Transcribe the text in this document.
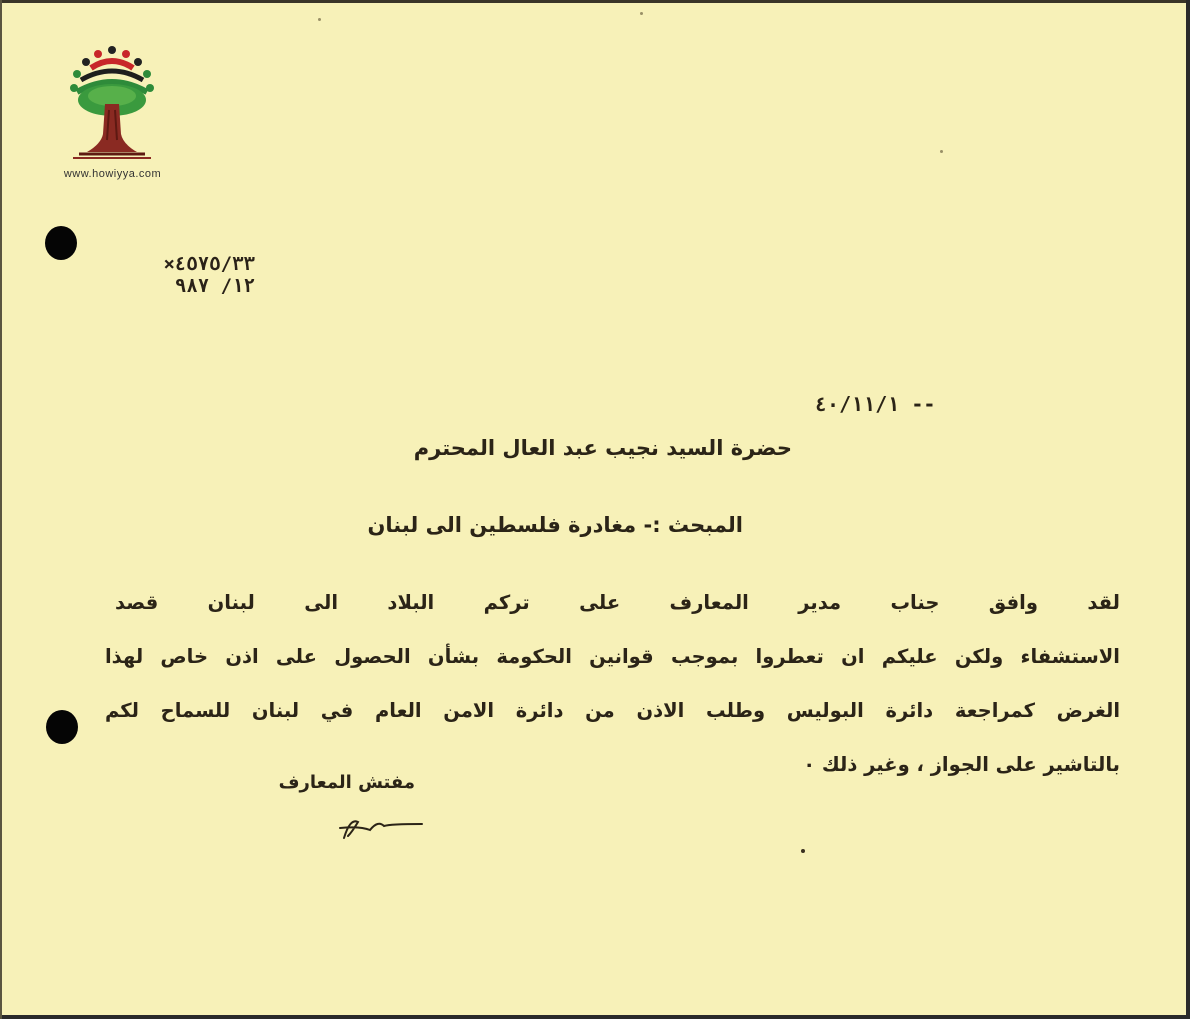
www.howiyya.com
×٤٥٧٥/٣٣
١٢/ ٩٨٧
٤٠/١١/١ --
حضرة السيد نجيب عبد العال المحترم
المبحث :- مغادرة فلسطين الى لبنان
لقد وافق جناب مدير المعارف على تركم البلاد الى لبنان قصد
الاستشفاء ولكن عليكم ان تعطروا بموجب قوانين الحكومة بشأن الحصول على اذن خاص لهذا
الغرض كمراجعة دائرة البوليس وطلب الاذن من دائرة الامن العام في لبنان للسماح لكم
بالتاشير على الجواز ، وغير ذلك ٠
مفتش المعارف
